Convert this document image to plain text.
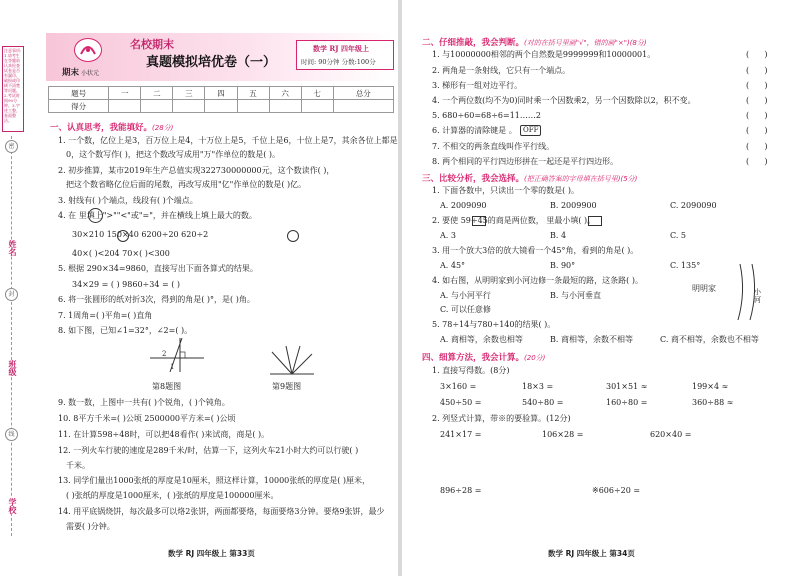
注意事项: 1.请考生在答题前认真检查试卷是否有漏印、破损或印刷不清楚等问题。2.考试时间90分钟。3.字迹工整，卷面整洁。
密
姓名
封
班级
线
学校
期末 小状元
名校期末
真题模拟培优卷（一）
数学 RJ 四年级上
时间: 90分钟 分数:100分
题号	一	二	三	四	五	六	七	总分
得分								
一、认真思考，我能填好。(28分)
1. 一个数，亿位上是3，百万位上是4，十万位上是5，千位上是6，十位上是7，其余各位上都是
0，这个数写作( )，把这个数改写成用"万"作单位的数是( )。
2. 初步推算，某市2019年生产总值实现322730000000元，这个数读作( )，
把这个数省略亿位后面的尾数，再改写成用"亿"作单位的数是( )亿。
3. 射线有( )个端点，线段有( )个端点。
4. 在 里填上">""<"或"="，并在横线上填上最大的数。
30×210 150×40 6200÷20 620÷2
40×( )<204 70×( )<300
5. 根据 290×34=9860，直接写出下面各算式的结果。
34×29 = ( ) 9860÷34 = ( )
6. 将一张圆形的纸对折3次，得到的角是( )°，是( )角。
7. 1周角=( )平角=( )直角
8. 如下图，已知∠1=32°，∠2=( )。
2
1
第8题图	第9题图
9. 数一数，上图中一共有( )个锐角，( )个钝角。
10. 8平方千米=( )公顷 2500000平方米=( )公顷
11. 在计算598÷48时，可以把48看作( )来试商，商是( )。
12. 一列火车行驶的速度是289千米/时，估算一下，这列火车21小时大约可以行驶( )
千米。
13. 同学们量出1000张纸的厚度是10厘米，照这样计算，10000张纸的厚度是( )厘米，
( )张纸的厚度是1000厘米，( )张纸的厚度是100000厘米。
14. 用平底锅烧饼，每次最多可以烙2张饼，两面都要烙，每面要烙3分钟。要烙9张饼，最少
需要( )分钟。
数学 RJ 四年级上 第33页
二、仔细推敲，我会判断。(对的在括号里画"√"，错的画"×")(8分)
1. 与10000000相邻的两个自然数是9999999和10000001。
2. 两角是一条射线，它只有一个端点。
3. 梯形有一组对边平行。
4. 一个两位数(均不为0)同时乘一个因数乘2，另一个因数除以2，积不变。
5. 680÷60=68÷6=11……2
6. 计算器的清除键是 。 OFF
7. 不相交的两条直线叫作平行线。
8. 两个相同的平行四边形拼在一起还是平行四边形。
(      )
(      )
(      )
(      )
(      )
(      )
(      )
(      )
三、比较分析，我会选择。(把正确答案的字母填在括号里)(5分)
1. 下面各数中，只读出一个零的数是( )。
A. 2009090	B. 2009900	C. 2090090
2. 要使 59÷45的商是两位数， 里最小填( )。
A. 3	B. 4	C. 5
3. 用一个放大3倍的放大镜看一个45°角，看到的角是( )。
A. 45°	B. 90°	C. 135°
4. 如右图，从明明家到小河边修一条最短的路，这条路( )。
A. 与小河平行	B. 与小河垂直
C. 可以任意修
明明家	小河
5. 78÷14与780÷140的结果( )。
A. 商相等，余数也相等	B. 商相等，余数不相等	C. 商不相等，余数也不相等
四、细算方法，我会计算。(20分)
1. 直接写得数。(8分)
3×160 =	18×3 =	301×51 ≈	199×4 ≈
450÷50 =	540÷80 =	160÷80 =	360÷88 ≈
2. 列竖式计算，带※的要验算。(12分)
241×17 =	106×28 =	620×40 =
896÷28 =	※606÷20 =
数学 RJ 四年级上 第34页
